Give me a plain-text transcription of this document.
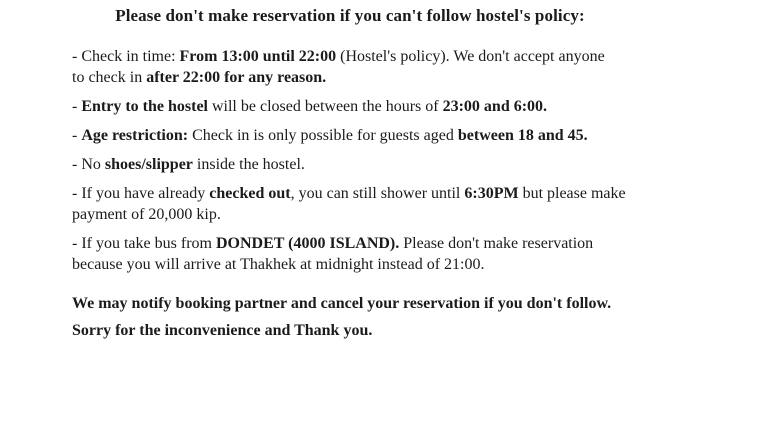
Please don't make reservation if you can't follow hostel's policy:

- Check in time: From 13:00 until 22:00 (Hostel's policy). We don't accept anyone
to check in after 22:00 for any reason.

- Entry to the hostel will be closed between the hours of 23:00 and 6:00.

- Age restriction: Check in is only possible for guests aged between 18 and 45.

- No shoes/slipper inside the hostel.

- If you have already checked out, you can still shower until 6:30PM but please make
payment of 20,000 kip.

- If you take bus from DONDET (4000 ISLAND). Please don't make reservation
because you will arrive at Thakhek at midnight instead of 21:00.

We may notify booking partner and cancel your reservation if you don't follow.
Sorry for the inconvenience and Thank you.
